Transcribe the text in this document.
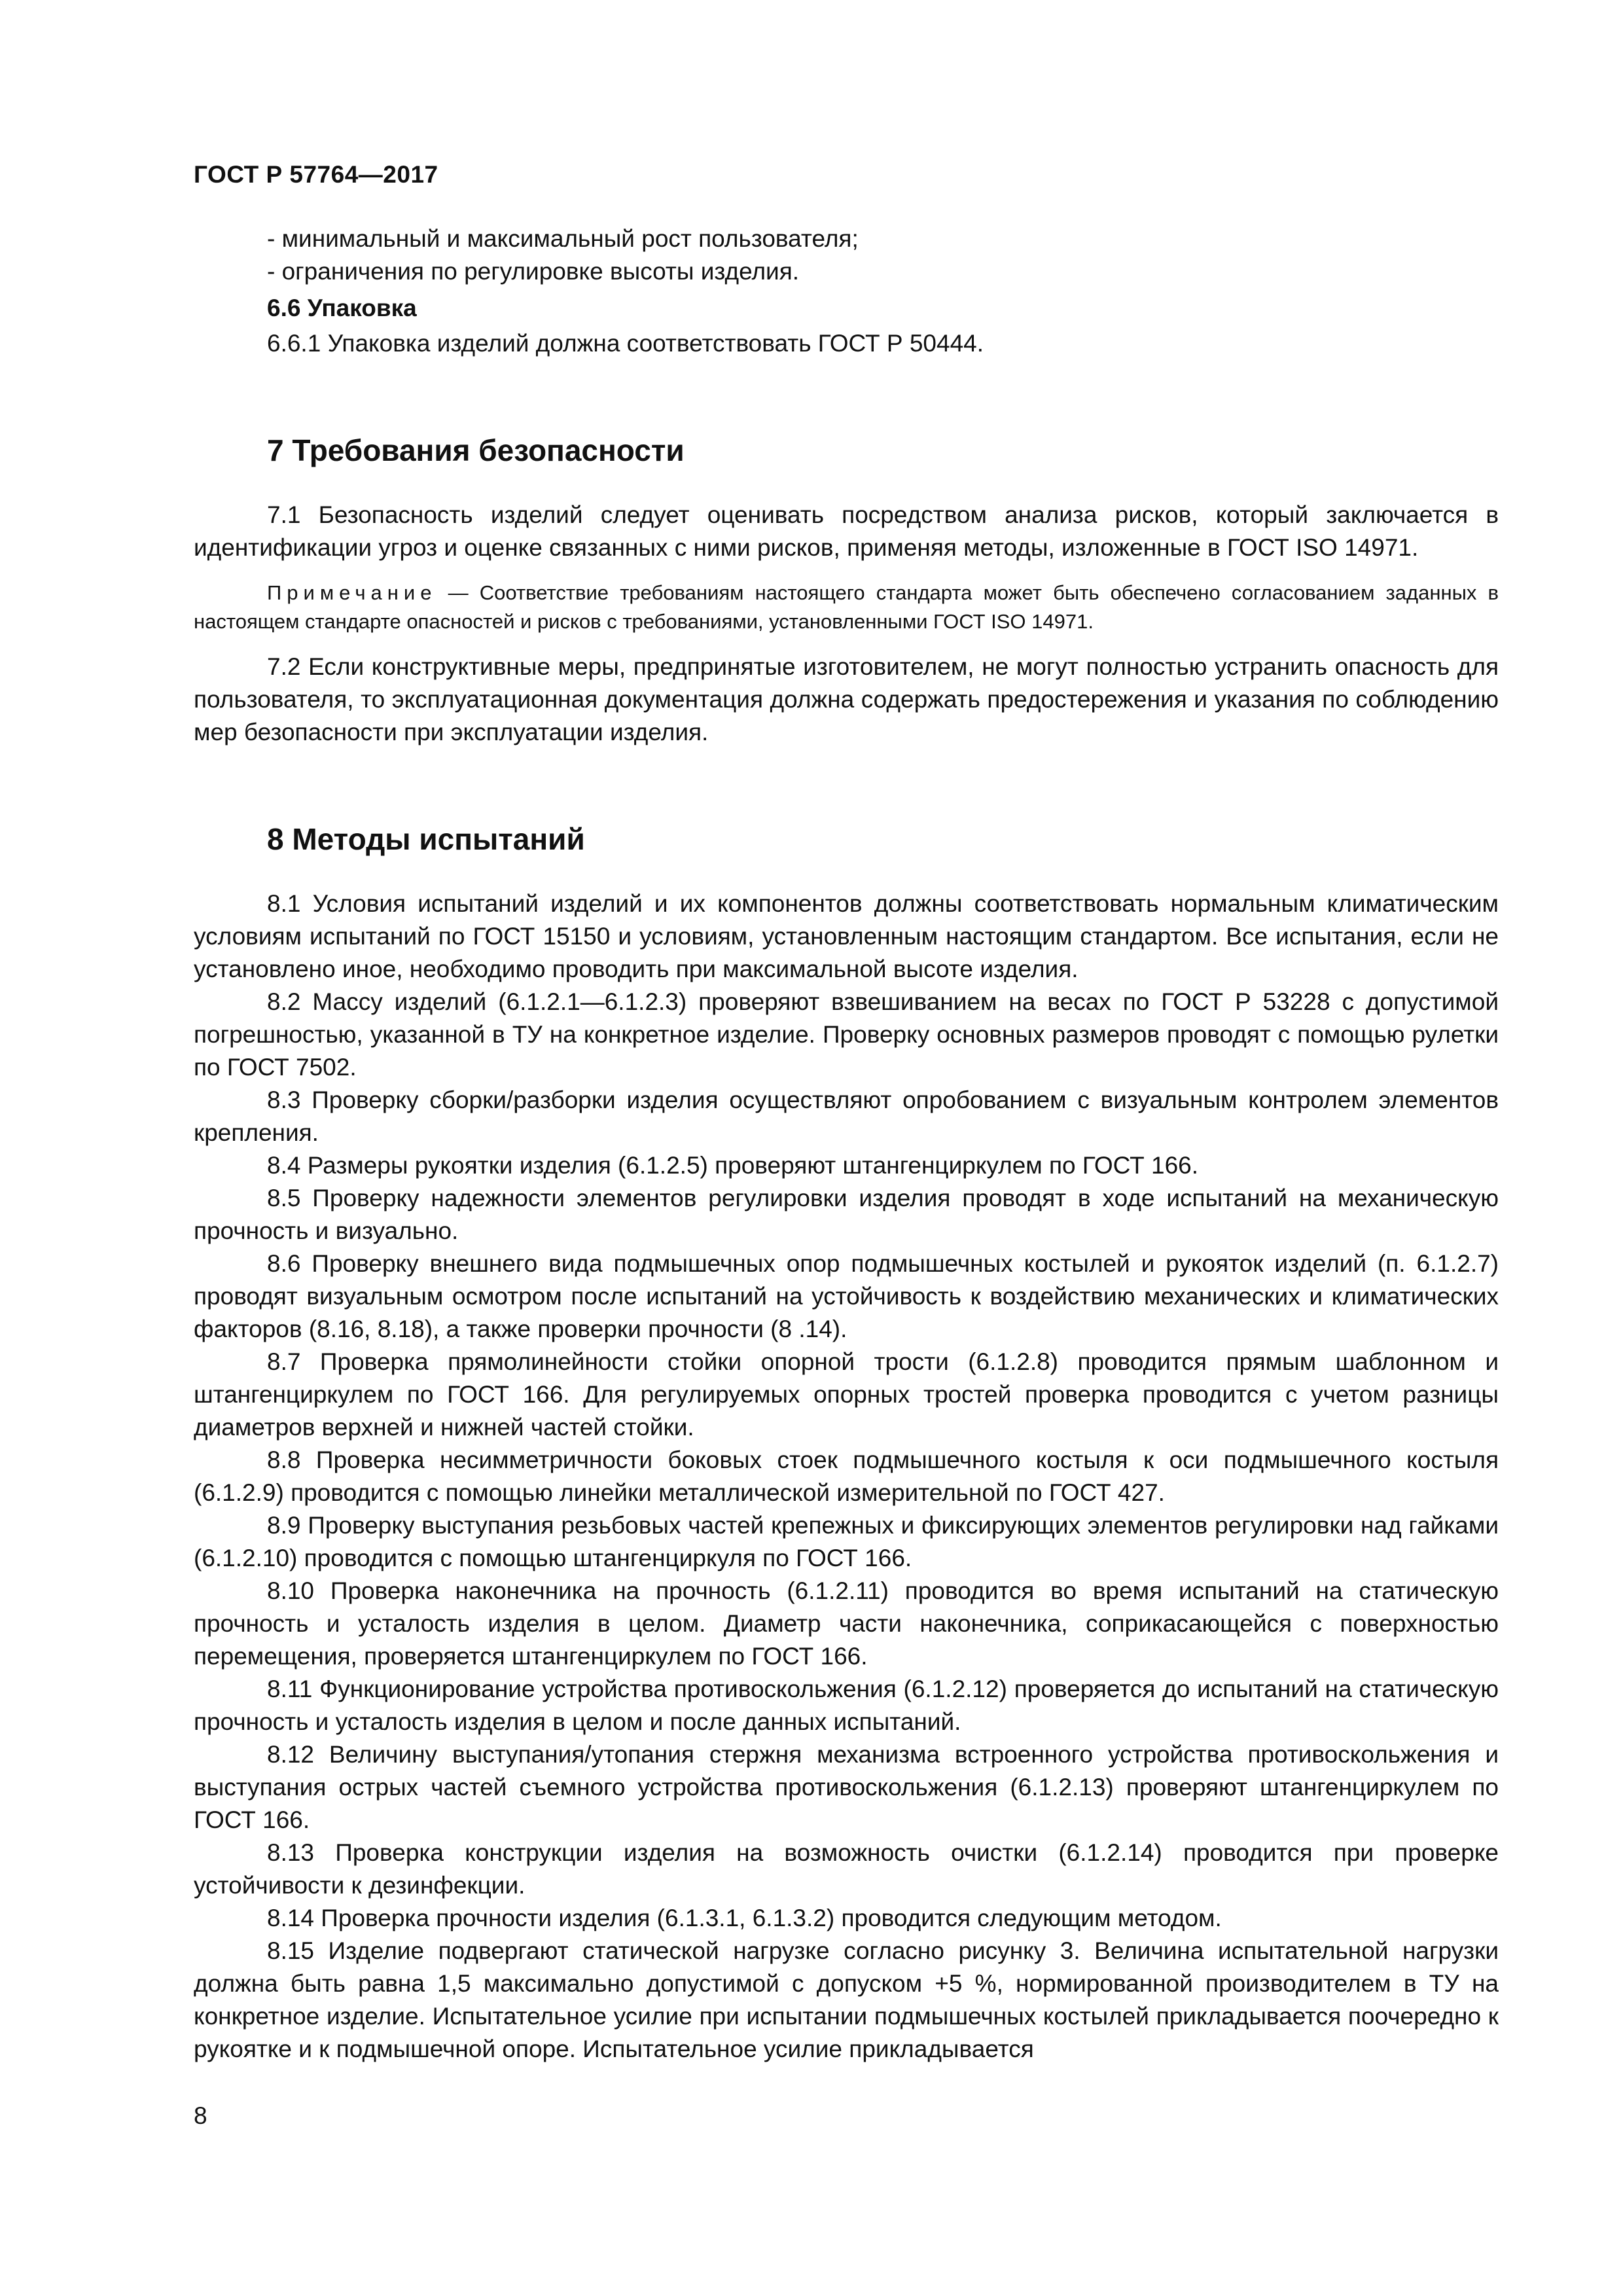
ГОСТ Р 57764—2017

- минимальный и максимальный рост пользователя;

- ограничения по регулировке высоты изделия.

6.6 Упаковка

6.6.1 Упаковка изделий должна соответствовать ГОСТ Р 50444.

7 Требования безопасности

7.1 Безопасность изделий следует оценивать посредством анализа рисков, который заключается в идентификации угроз и оценке связанных с ними рисков, применяя методы, изложенные в ГОСТ ISO 14971.

Примечание — Соответствие требованиям настоящего стандарта может быть обеспечено согласованием заданных в настоящем стандарте опасностей и рисков с требованиями, установленными ГОСТ ISO 14971.

7.2 Если конструктивные меры, предпринятые изготовителем, не могут полностью устранить опасность для пользователя, то эксплуатационная документация должна содержать предостережения и указания по соблюдению мер безопасности при эксплуатации изделия.

8 Методы испытаний

8.1 Условия испытаний изделий и их компонентов должны соответствовать нормальным климатическим условиям испытаний по ГОСТ 15150 и условиям, установленным настоящим стандартом. Все испытания, если не установлено иное, необходимо проводить при максимальной высоте изделия.

8.2 Массу изделий (6.1.2.1—6.1.2.3) проверяют взвешиванием на весах по ГОСТ Р 53228 с допустимой погрешностью, указанной в ТУ на конкретное изделие. Проверку основных размеров проводят с помощью рулетки по ГОСТ 7502.

8.3 Проверку сборки/разборки изделия осуществляют опробованием с визуальным контролем элементов крепления.

8.4 Размеры рукоятки изделия (6.1.2.5) проверяют штангенциркулем по ГОСТ 166.

8.5 Проверку надежности элементов регулировки изделия проводят в ходе испытаний на механическую прочность и визуально.

8.6 Проверку внешнего вида подмышечных опор подмышечных костылей и рукояток изделий (п. 6.1.2.7) проводят визуальным осмотром после испытаний на устойчивость к воздействию механических и климатических факторов (8.16, 8.18), а также проверки прочности (8 .14).

8.7 Проверка прямолинейности стойки опорной трости (6.1.2.8) проводится прямым шаблонном и штангенциркулем по ГОСТ 166. Для регулируемых опорных тростей проверка проводится с учетом разницы диаметров верхней и нижней частей стойки.

8.8 Проверка несимметричности боковых стоек подмышечного костыля к оси подмышечного костыля (6.1.2.9) проводится с помощью линейки металлической измерительной по ГОСТ 427.

8.9 Проверку выступания резьбовых частей крепежных и фиксирующих элементов регулировки над гайками (6.1.2.10) проводится с помощью штангенциркуля по ГОСТ 166.

8.10 Проверка наконечника на прочность (6.1.2.11) проводится во время испытаний на статическую прочность и усталость изделия в целом. Диаметр части наконечника, соприкасающейся с поверхностью перемещения, проверяется штангенциркулем по ГОСТ 166.

8.11 Функционирование устройства противоскольжения (6.1.2.12) проверяется до испытаний на статическую прочность и усталость изделия в целом и после данных испытаний.

8.12 Величину выступания/утопания стержня механизма встроенного устройства противоскольжения и выступания острых частей съемного устройства противоскольжения (6.1.2.13) проверяют штангенциркулем по ГОСТ 166.

8.13 Проверка конструкции изделия на возможность очистки (6.1.2.14) проводится при проверке устойчивости к дезинфекции.

8.14 Проверка прочности изделия (6.1.3.1, 6.1.3.2) проводится следующим методом.

8.15 Изделие подвергают статической нагрузке согласно рисунку 3. Величина испытательной нагрузки должна быть равна 1,5 максимально допустимой с допуском +5 %, нормированной производителем в ТУ на конкретное изделие. Испытательное усилие при испытании подмышечных костылей прикладывается поочередно к рукоятке и к подмышечной опоре. Испытательное усилие прикладывается

8
